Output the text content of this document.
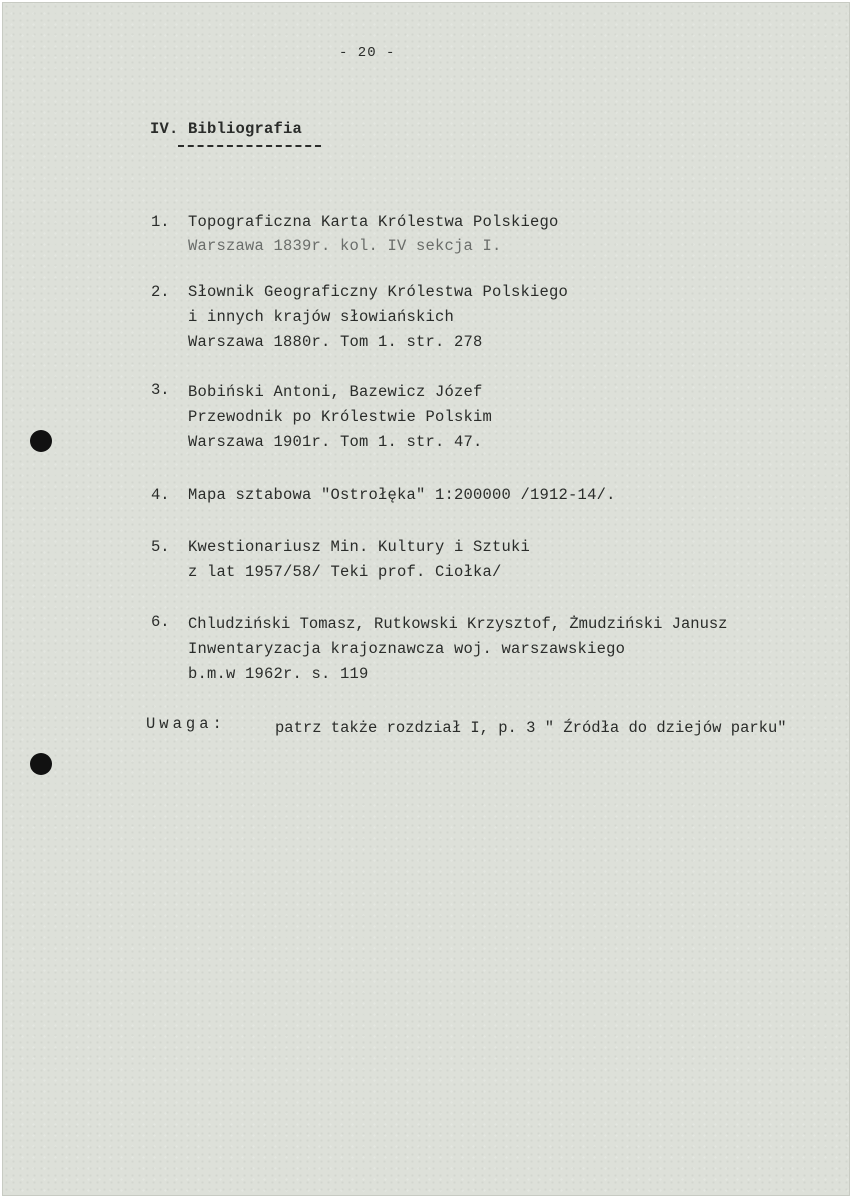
- 20 -
IV. Bibliografia
1. Topograficzna Karta Królestwa Polskiego
Warszawa 1839r. kol. IV sekcja I.
2. Słownik Geograficzny Królestwa Polskiego
i innych krajów słowiańskich
Warszawa 1880r. Tom 1. str. 278
3. Bobiński Antoni, Bazewicz Józef
Przewodnik po Królestwie Polskim
Warszawa 1901r. Tom 1. str. 47.
4. Mapa sztabowa "Ostrołęka" 1:200000 /1912-14/.
5. Kwestionariusz Min. Kultury i Sztuki
z lat 1957/58/ Teki prof. Ciołka/
6. Chludziński Tomasz, Rutkowski Krzysztof, Żmudziński Janusz
Inwentaryzacja krajoznawcza woj. warszawskiego
b.m.w 1962r. s. 119
Uwaga:	patrz także rozdział I, p. 3 " Źródła do dziejów parku"
